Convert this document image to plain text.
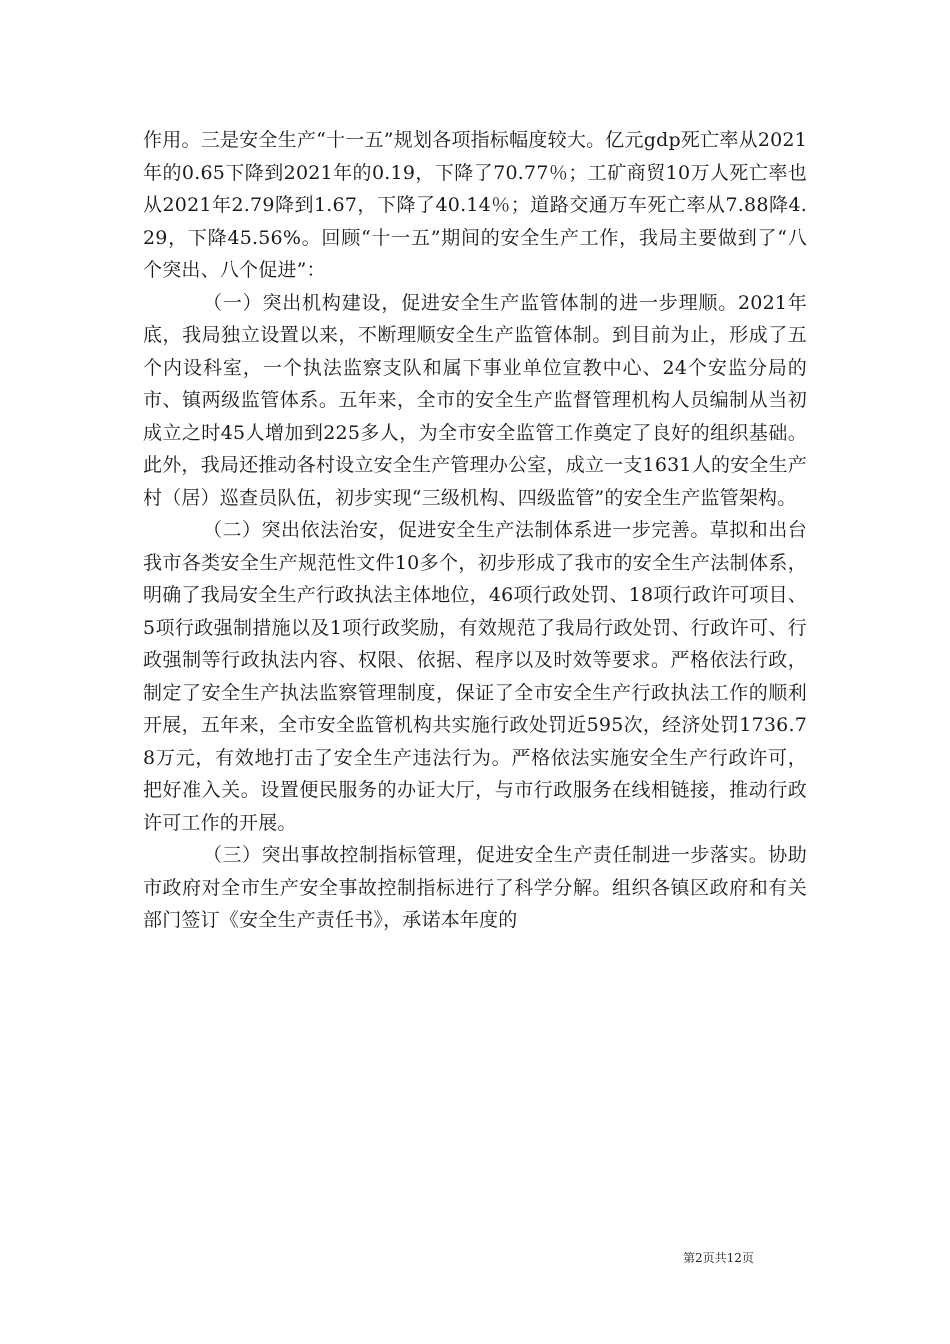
作用。三是安全生产“十一五”规划各项指标幅度较大。亿元gdp死亡率从2021年的0.65下降到2021年的0.19，下降了70.77％；工矿商贸10万人死亡率也从2021年2.79降到1.67，下降了40.14％；道路交通万车死亡率从7.88降4.29，下降45.56%。回顾“十一五”期间的安全生产工作，我局主要做到了“八个突出、八个促进”：

（一）突出机构建设，促进安全生产监管体制的进一步理顺。2021年底，我局独立设置以来，不断理顺安全生产监管体制。到目前为止，形成了五个内设科室，一个执法监察支队和属下事业单位宣教中心、24个安监分局的市、镇两级监管体系。五年来，全市的安全生产监督管理机构人员编制从当初成立之时45人增加到225多人，为全市安全监管工作奠定了良好的组织基础。此外，我局还推动各村设立安全生产管理办公室，成立一支1631人的安全生产村（居）巡查员队伍，初步实现“三级机构、四级监管”的安全生产监管架构。

（二）突出依法治安，促进安全生产法制体系进一步完善。草拟和出台我市各类安全生产规范性文件10多个，初步形成了我市的安全生产法制体系，明确了我局安全生产行政执法主体地位，46项行政处罚、18项行政许可项目、5项行政强制措施以及1项行政奖励，有效规范了我局行政处罚、行政许可、行政强制等行政执法内容、权限、依据、程序以及时效等要求。严格依法行政，制定了安全生产执法监察管理制度，保证了全市安全生产行政执法工作的顺利开展，五年来，全市安全监管机构共实施行政处罚近595次，经济处罚1736.78万元，有效地打击了安全生产违法行为。严格依法实施安全生产行政许可，把好准入关。设置便民服务的办证大厅，与市行政服务在线相链接，推动行政许可工作的开展。

（三）突出事故控制指标管理，促进安全生产责任制进一步落实。协助市政府对全市生产安全事故控制指标进行了科学分解。组织各镇区政府和有关部门签订《安全生产责任书》，承诺本年度的

第2页共12页
